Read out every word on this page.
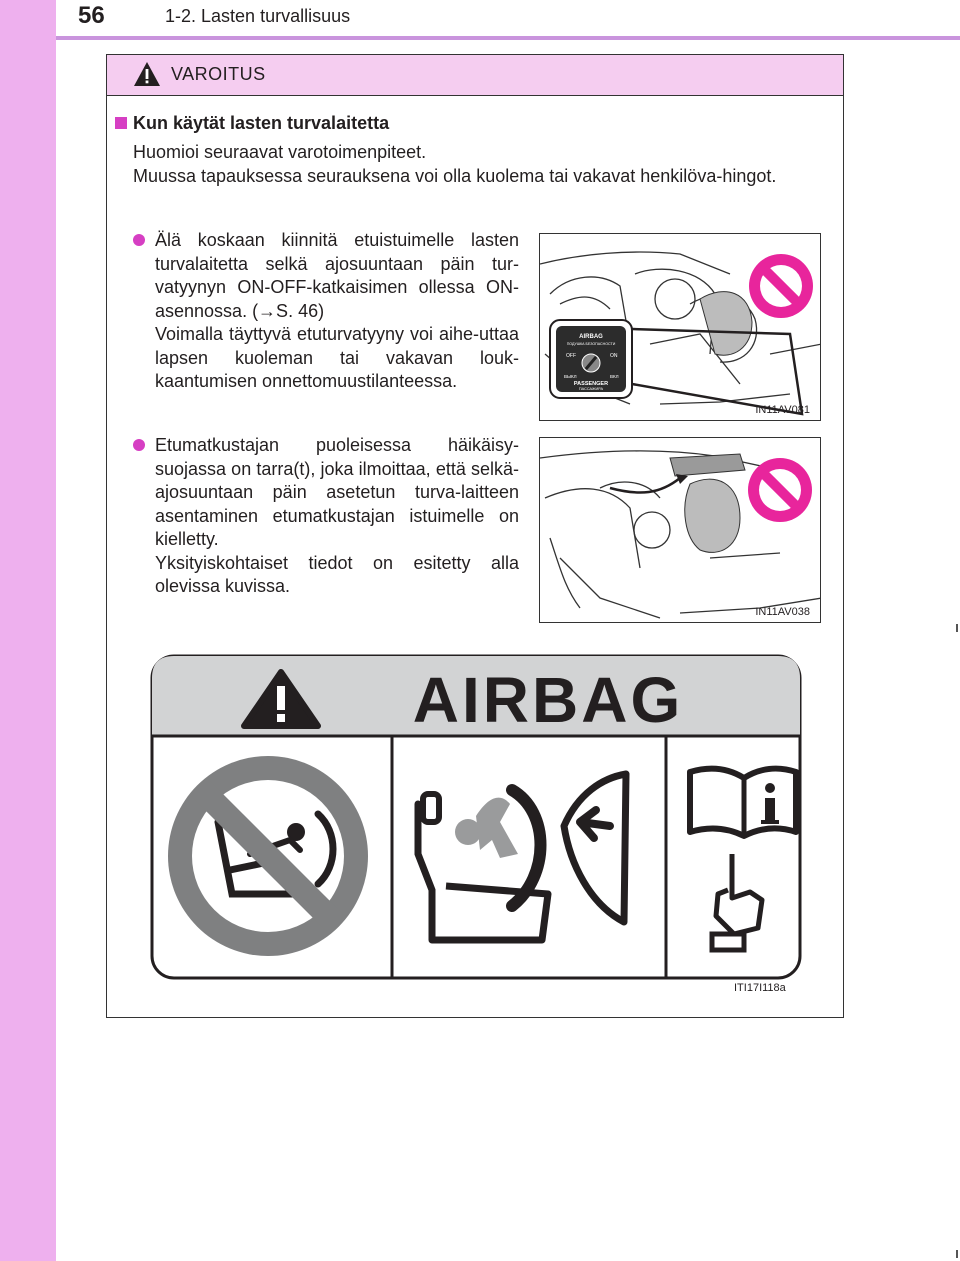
56	1-2. Lasten turvallisuus
VAROITUS
Kun käytät lasten turvalaitetta
Huomioi seuraavat varotoimenpiteet.
Muussa tapauksessa seurauksena voi olla kuolema tai vakavat henkilöva-hingot.
Älä koskaan kiinnitä etuistuimelle lasten turvalaitetta selkä ajosuuntaan päin tur-vatyynyn ON-OFF-katkaisimen ollessa ON-asennossa. (→S. 46)
Voimalla täyttyvä etuturvatyyny voi aihe-uttaa lapsen kuoleman tai vakavan louk-kaantumisen onnettomuustilanteessa.
AIRBAG
ПОДУШКА БЕЗОПАСНОСТИ
OFF	ON
ВЫКЛ	ВКЛ
PASSENGER
ПАССАЖИРА
IN11AV081
Etumatkustajan puoleisessa häikäisy-suojassa on tarra(t), joka ilmoittaa, että selkä- ajosuuntaan päin asetetun turva-laitteen asentaminen etumatkustajan istuimelle on kielletty.
Yksityiskohtaiset tiedot on esitetty alla olevissa kuvissa.
IN11AV038
AIRBAG
ITI17I118a
